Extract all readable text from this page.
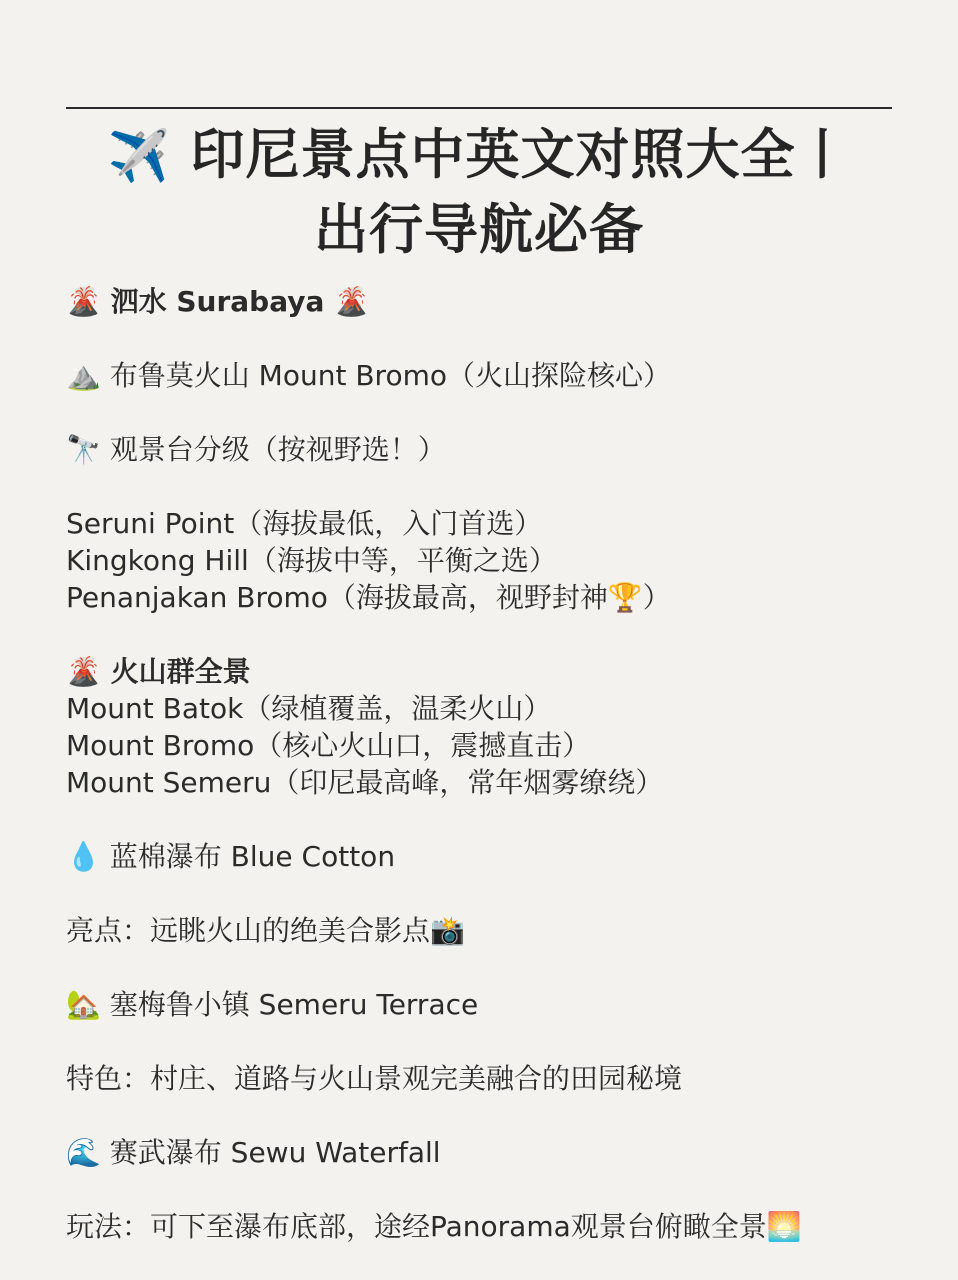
✈️ 印尼景点中英文对照大全丨
出行导航必备
🌋 泗水 Surabaya 🌋
⛰️ 布鲁莫火山 Mount Bromo（火山探险核心）
🔭 观景台分级（按视野选！）
Seruni Point（海拔最低，入门首选）
Kingkong Hill（海拔中等，平衡之选）
Penanjakan Bromo（海拔最高，视野封神🏆）
🌋 火山群全景
Mount Batok（绿植覆盖，温柔火山）
Mount Bromo（核心火山口，震撼直击）
Mount Semeru（印尼最高峰，常年烟雾缭绕）
💧 蓝棉瀑布 Blue Cotton
亮点：远眺火山的绝美合影点📸
🏡 塞梅鲁小镇 Semeru Terrace
特色：村庄、道路与火山景观完美融合的田园秘境
🌊 赛武瀑布 Sewu Waterfall
玩法：可下至瀑布底部，途经Panorama观景台俯瞰全景🌅
